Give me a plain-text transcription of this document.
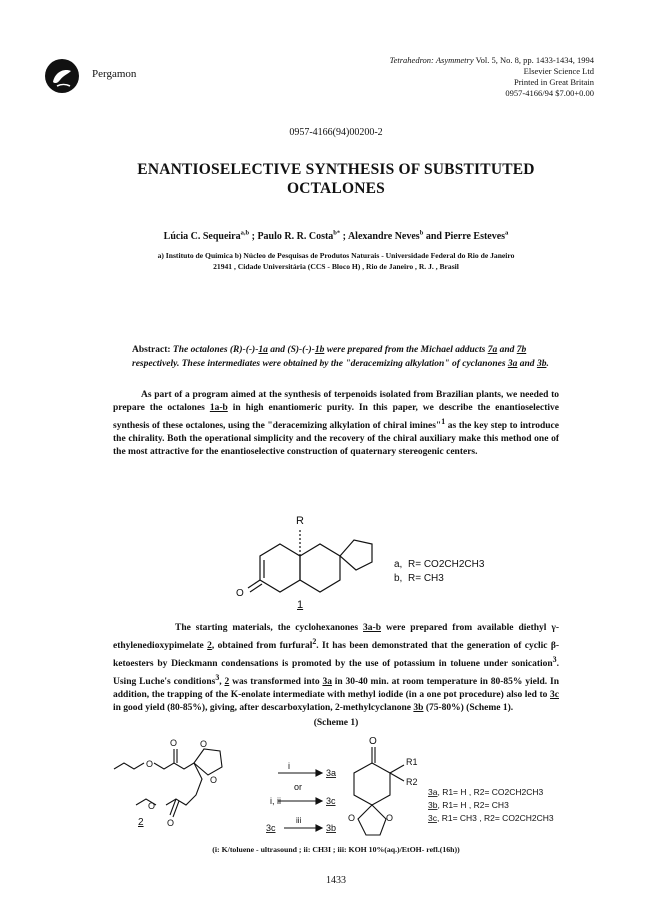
Pergamon
Tetrahedron: Asymmetry Vol. 5, No. 8, pp. 1433-1434, 1994
Elsevier Science Ltd
Printed in Great Britain
0957-4166/94 $7.00+0.00
0957-4166(94)00200-2
ENANTIOSELECTIVE SYNTHESIS OF SUBSTITUTED
OCTALONES
Lúcia C. Sequeira$^{a,b}$ ; Paulo R. R. Costa$^{b*}$ ; Alexandre Neves$^b$ and Pierre Esteves$^a$
a) Instituto de Química b) Núcleo de Pesquisas de Produtos Naturais - Universidade Federal do Rio de Janeiro
21941 , Cidade Universitária (CCS - Bloco H) , Rio de Janeiro , R. J. , Brasil
Abstract: The octalones (R)-(-)-1a and (S)-(-)-1b were prepared from the Michael adducts 7a and 7b respectively. These intermediates were obtained by the "deracemizing alkylation" of cyclanones 3a and 3b.
As part of a program aimed at the synthesis of terpenoids isolated from Brazilian plants, we needed to prepare the octalones 1a-b in high enantiomeric purity. In this paper, we describe the enantioselective synthesis of these octalones, using the "deracemizing alkylation of chiral imines"$^1$ as the key step to introduce the chirality. Both the operational simplicity and the recovery of the chiral auxiliary make this method one of the most attractive for the enantioselective construction of quaternary stereogenic centers.
R
O
1
a, R= CO2CH2CH3
b, R= CH3
The starting materials, the cyclohexanones 3a-b were prepared from available diethyl γ-ethylenedioxypimelate 2, obtained from furfural$^2$. It has been demonstrated that the generation of cyclic β-ketoesters by Dieckmann condensations is promoted by the use of potassium in toluene under sonication$^3$. Using Luche's conditions$^3$, 2 was transformed into 3a in 30-40 min. at room temperature in 80-85% yield. In addition, the trapping of the K-enolate intermediate with methyl iodide (in a one pot procedure) also led to 3c in good yield (80-85%), giving, after descarboxylation, 2-methylcyclanone 3b (75-80%) (Scheme 1).
(Scheme 1)
O
O	O
O
O
O
2
i
3a
or
i, ii	3c
3c
iii
3b
O
R1
R2
O	O
3a, R1= H , R2= CO2CH2CH3
3b, R1= H , R2= CH3
3c, R1= CH3 , R2= CO2CH2CH3
(i: K/toluene - ultrasound ; ii: CH3I ; iii: KOH 10%(aq.)/EtOH- refl.(16h))
1433
